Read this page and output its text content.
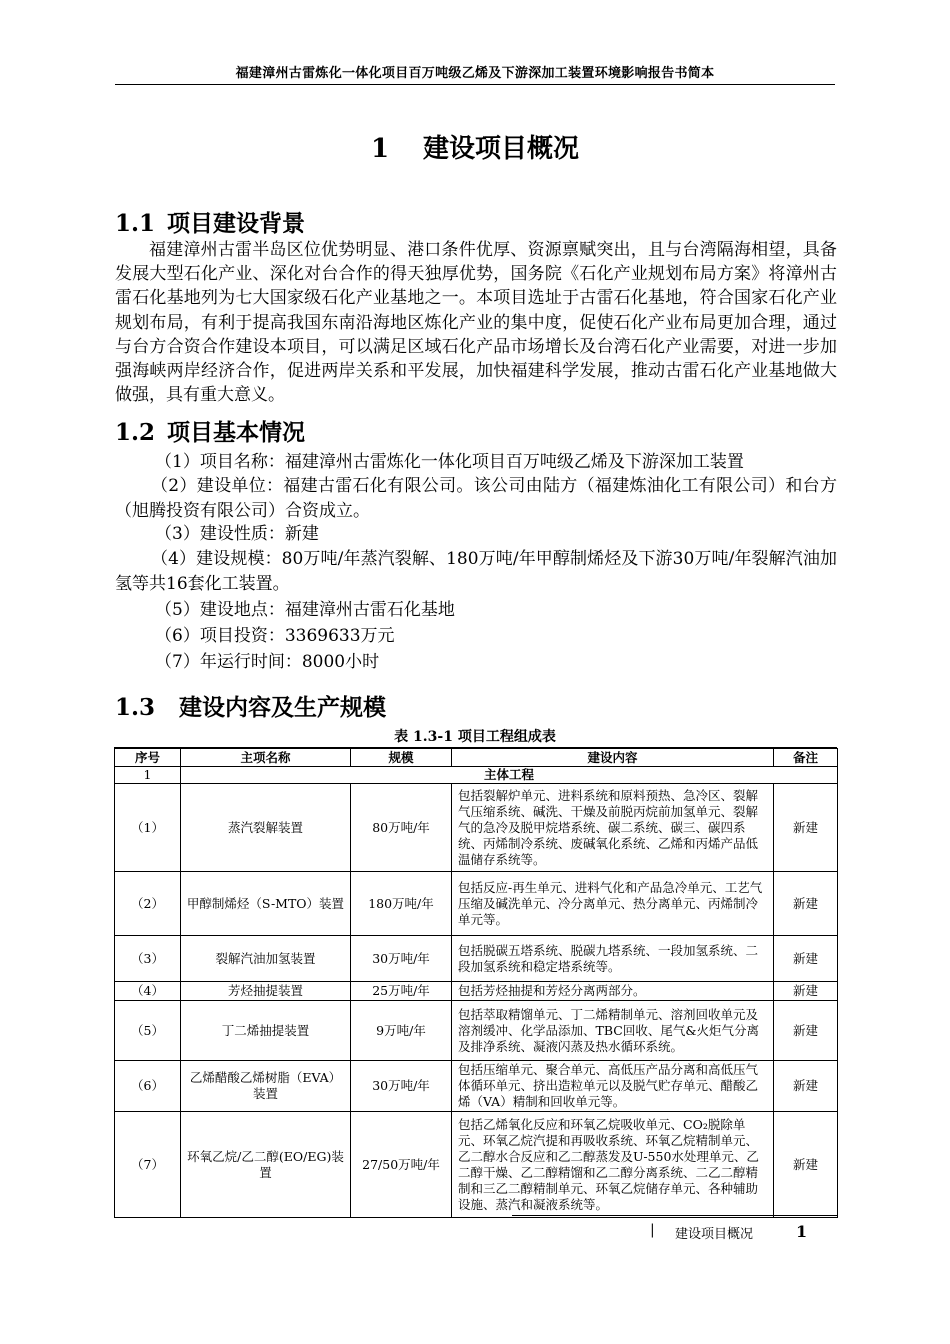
福建漳州古雷炼化一体化项目百万吨级乙烯及下游深加工装置环境影响报告书简本
1 建设项目概况
1.1 项目建设背景

福建漳州古雷半岛区位优势明显、港口条件优厚、资源禀赋突出，且与台湾隔海相望，具备发展大型石化产业、深化对台合作的得天独厚优势，国务院《石化产业规划布局方案》将漳州古雷石化基地列为七大国家级石化产业基地之一。本项目选址于古雷石化基地，符合国家石化产业规划布局，有利于提高我国东南沿海地区炼化产业的集中度，促使石化产业布局更加合理，通过与台方合资合作建设本项目，可以满足区域石化产品市场增长及台湾石化产业需要，对进一步加强海峡两岸经济合作，促进两岸关系和平发展，加快福建科学发展，推动古雷石化产业基地做大做强，具有重大意义。

1.2 项目基本情况

（1）项目名称：福建漳州古雷炼化一体化项目百万吨级乙烯及下游深加工装置

（2）建设单位：福建古雷石化有限公司。该公司由陆方（福建炼油化工有限公司）和台方（旭腾投资有限公司）合资成立。

（3）建设性质：新建

（4）建设规模：80万吨/年蒸汽裂解、180万吨/年甲醇制烯烃及下游30万吨/年裂解汽油加氢等共16套化工装置。

（5）建设地点：福建漳州古雷石化基地

（6）项目投资：3369633万元

（7）年运行时间：8000小时

1.3 建设内容及生产规模
表 1.3-1 项目工程组成表
序号	主项名称	规模	建设内容	备注
1	主体工程			
（1）	蒸汽裂解装置	80万吨/年	包括裂解炉单元、进料系统和原料预热、急冷区、裂解气压缩系统、碱洗、干燥及前脱丙烷前加氢单元、裂解气的急冷及脱甲烷塔系统、碳二系统、碳三、碳四系统、丙烯制冷系统、废碱氧化系统、乙烯和丙烯产品低温储存系统等。	新建
（2）	甲醇制烯烃（S-MTO）装置	180万吨/年	包括反应-再生单元、进料气化和产品急冷单元、工艺气压缩及碱洗单元、冷分离单元、热分离单元、丙烯制冷单元等。	新建
（3）	裂解汽油加氢装置	30万吨/年	包括脱碳五塔系统、脱碳九塔系统、一段加氢系统、二段加氢系统和稳定塔系统等。	新建
（4）	芳烃抽提装置	25万吨/年	包括芳烃抽提和芳烃分离两部分。	新建
（5）	丁二烯抽提装置	9万吨/年	包括萃取精馏单元、丁二烯精制单元、溶剂回收单元及溶剂缓冲、化学品添加、TBC回收、尾气&火炬气分离及排净系统、凝液闪蒸及热水循环系统。	新建
（6）	乙烯醋酸乙烯树脂（EVA）装置	30万吨/年	包括压缩单元、聚合单元、高低压产品分离和高低压气体循环单元、挤出造粒单元以及脱气贮存单元、醋酸乙烯（VA）精制和回收单元等。	新建
（7）	环氧乙烷/乙二醇(EO/EG)装置	27/50万吨/年	包括乙烯氧化反应和环氧乙烷吸收单元、CO₂脱除单元、环氧乙烷汽提和再吸收系统、环氧乙烷精制单元、乙二醇水合反应和乙二醇蒸发及U-550水处理单元、乙二醇干燥、乙二醇精馏和乙二醇分离系统、二乙二醇精制和三乙二醇精制单元、环氧乙烷储存单元、各种辅助设施、蒸汽和凝液系统等。	新建
| 建设项目概况	1
